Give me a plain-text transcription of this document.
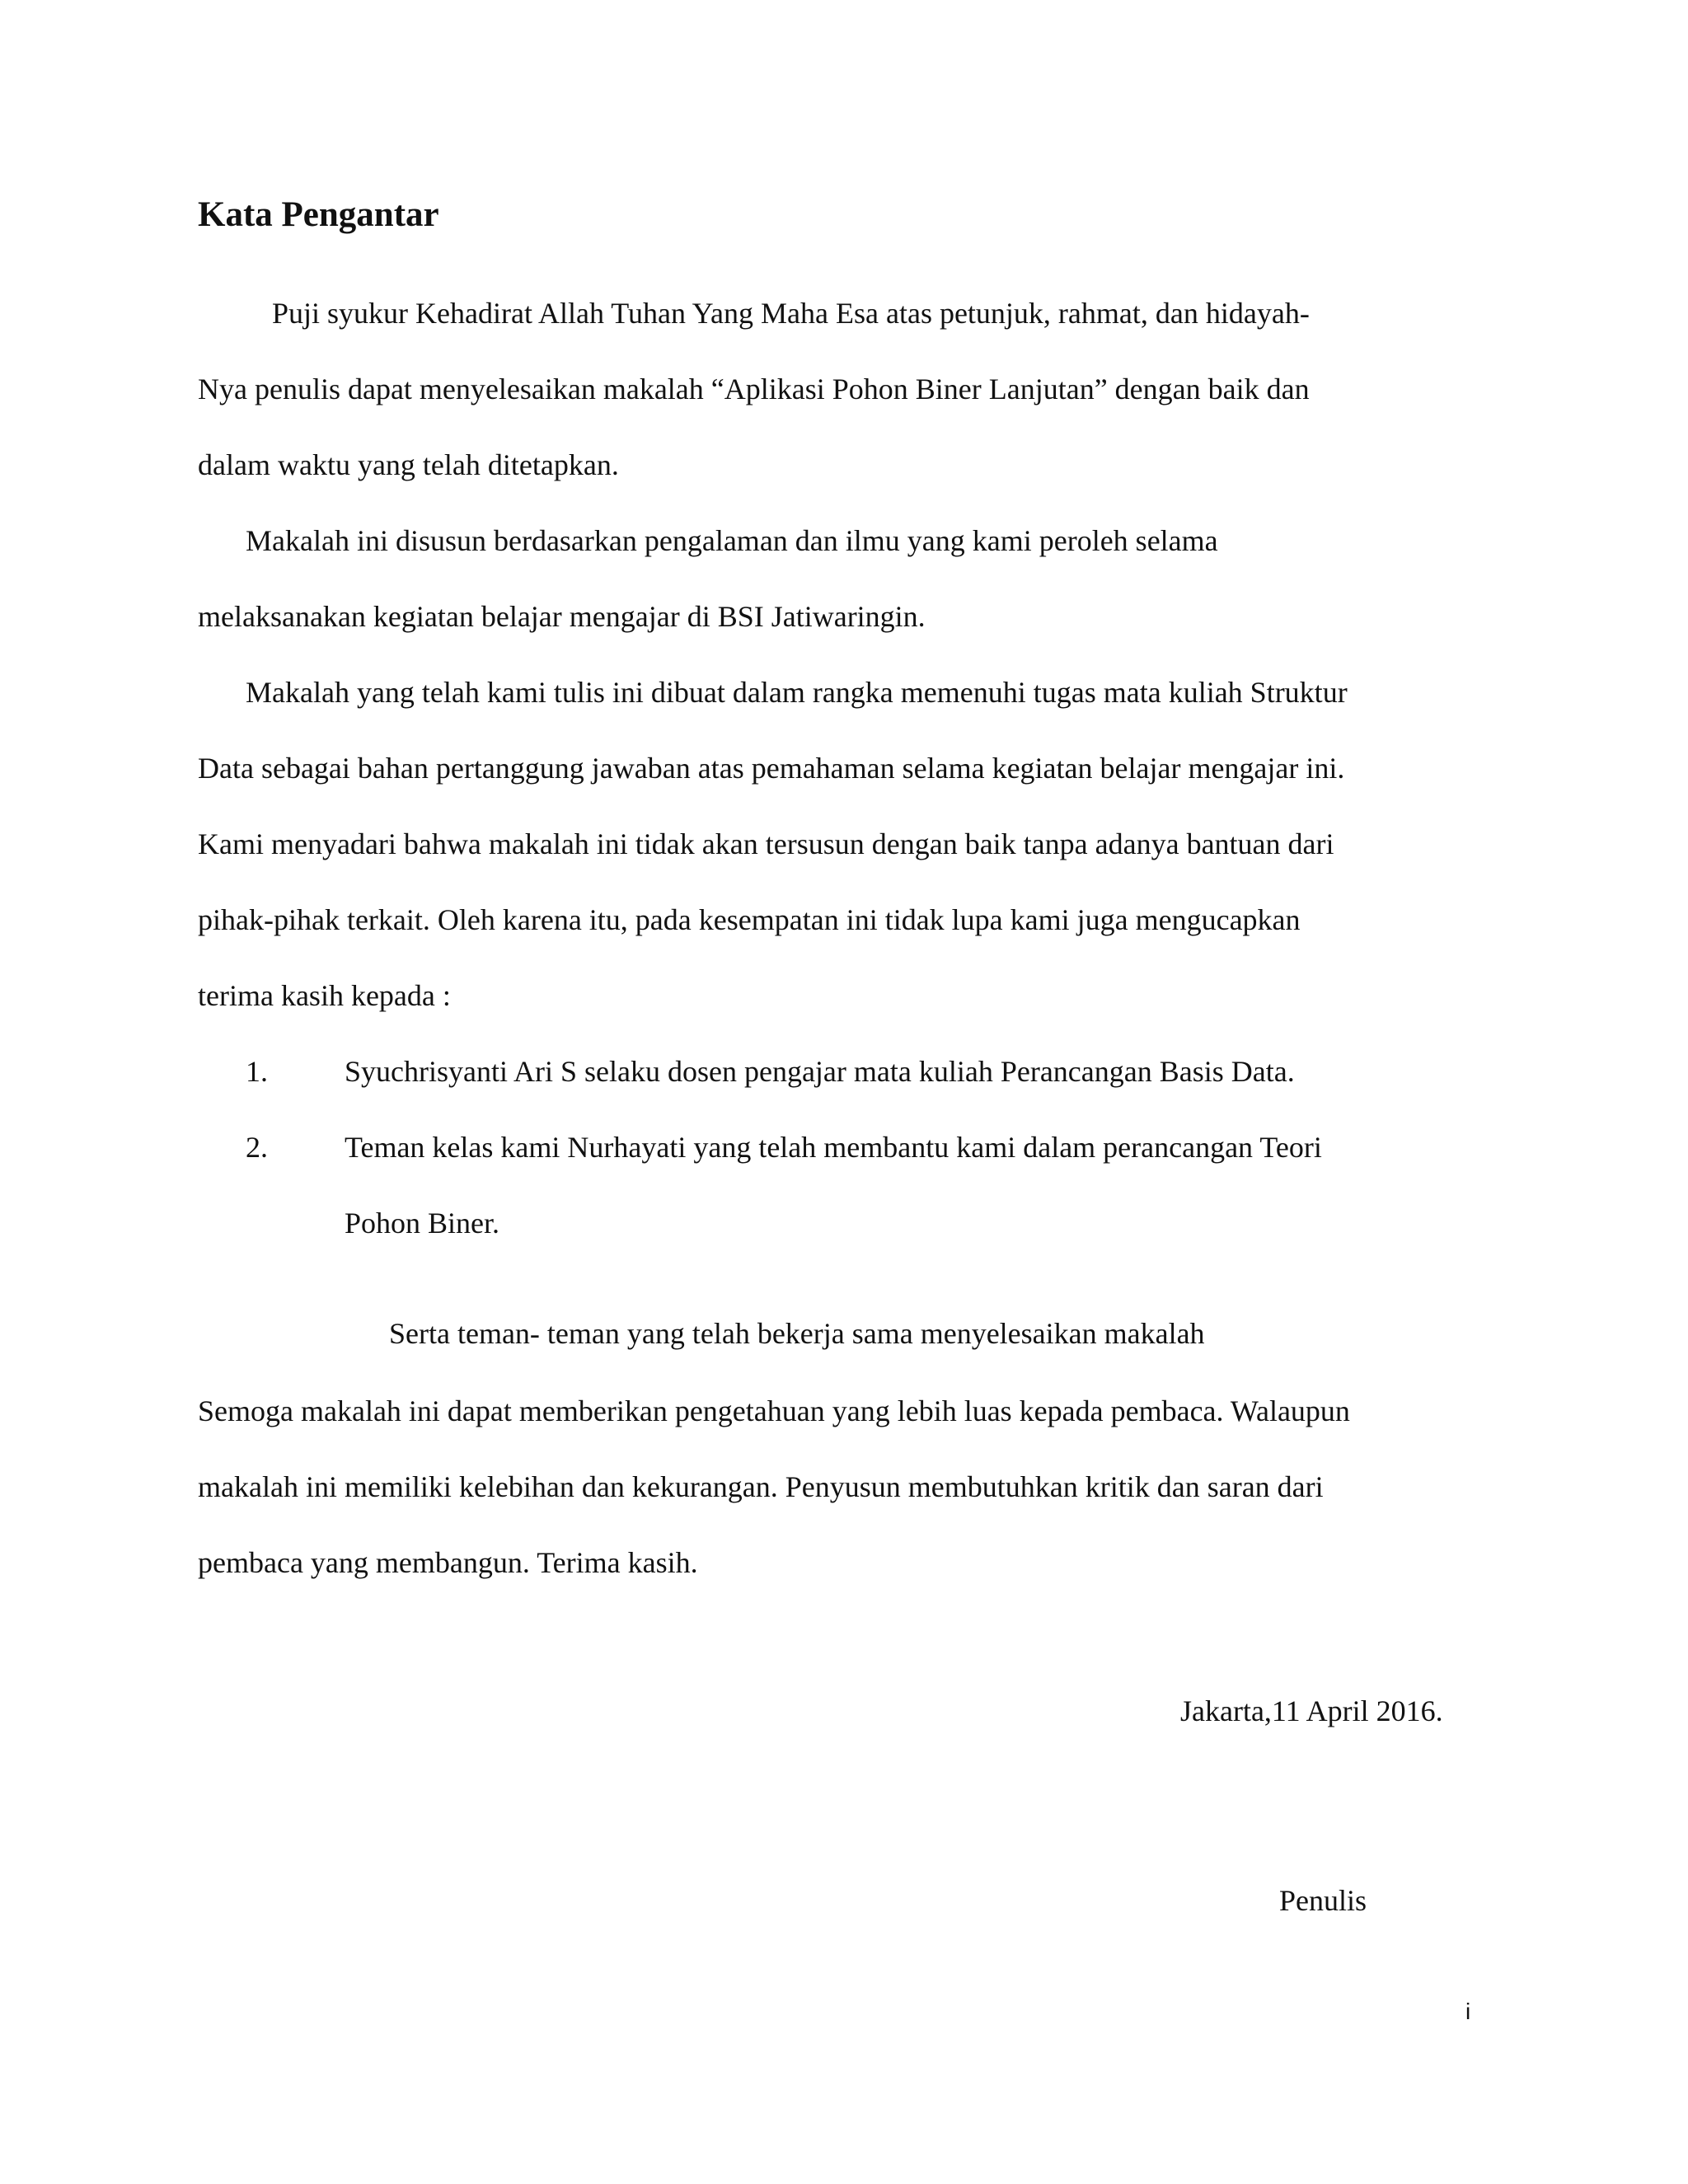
Kata Pengantar
Puji syukur Kehadirat Allah Tuhan Yang Maha Esa atas petunjuk, rahmat, dan hidayah-
Nya penulis dapat menyelesaikan makalah “Aplikasi Pohon Biner Lanjutan” dengan baik dan
dalam waktu yang telah ditetapkan.
Makalah ini disusun berdasarkan pengalaman dan ilmu yang kami peroleh selama
melaksanakan kegiatan belajar mengajar di BSI Jatiwaringin.
Makalah yang telah kami tulis ini dibuat dalam rangka memenuhi tugas mata kuliah Struktur
Data sebagai bahan pertanggung jawaban atas pemahaman selama kegiatan belajar mengajar ini.
Kami menyadari bahwa makalah ini tidak akan tersusun dengan baik tanpa adanya bantuan dari
pihak-pihak terkait. Oleh karena itu, pada kesempatan ini tidak lupa kami juga mengucapkan
terima kasih kepada :
1.	Syuchrisyanti Ari S selaku dosen pengajar mata kuliah Perancangan Basis Data.
2.	Teman kelas kami Nurhayati yang telah membantu kami dalam perancangan Teori
Pohon Biner.
Serta teman- teman yang telah bekerja sama menyelesaikan makalah
Semoga makalah ini dapat memberikan pengetahuan yang lebih luas kepada pembaca. Walaupun
makalah ini memiliki kelebihan dan kekurangan. Penyusun membutuhkan kritik dan saran dari
pembaca yang membangun. Terima kasih.
Jakarta,11 April 2016.
Penulis
i
